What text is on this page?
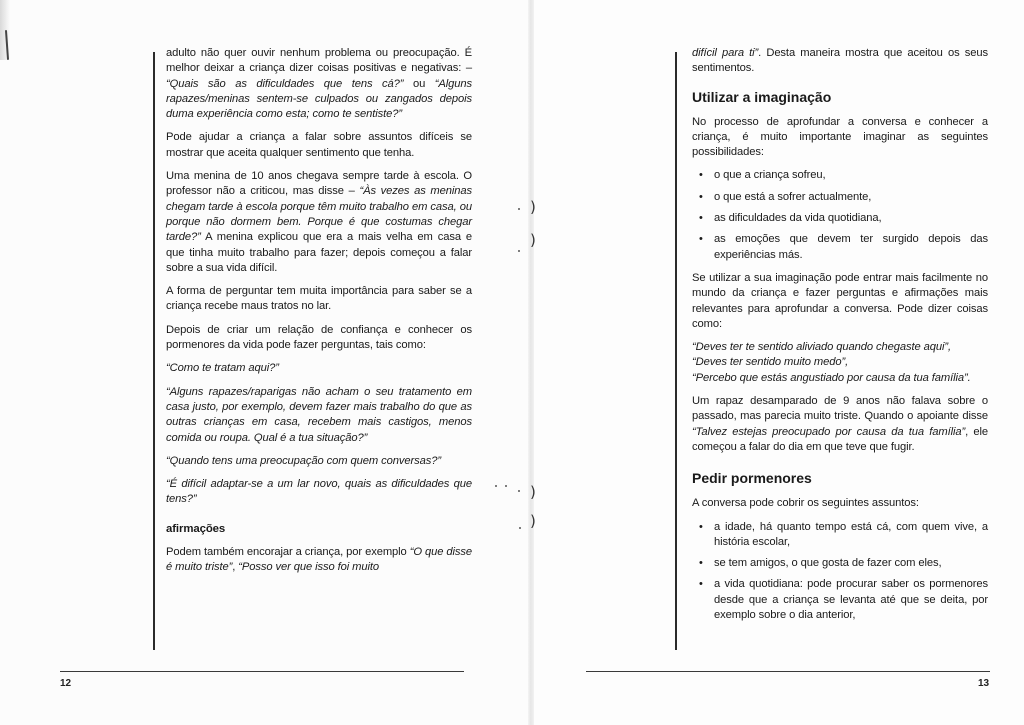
)
)
)
)
12	13

adulto não quer ouvir nenhum problema ou preocupação. É melhor deixar a criança dizer coisas positivas e negativas: – “Quais são as dificuldades que tens cá?” ou “Alguns rapazes/meninas sentem-se culpados ou zangados depois duma experiência como esta; como te sentiste?”

Pode ajudar a criança a falar sobre assuntos difíceis se mostrar que aceita qualquer sentimento que tenha.

Uma menina de 10 anos chegava sempre tarde à escola. O professor não a criticou, mas disse – “Às vezes as meninas chegam tarde à escola porque têm muito trabalho em casa, ou porque não dormem bem. Porque é que costumas chegar tarde?” A menina explicou que era a mais velha em casa e que tinha muito trabalho para fazer; depois começou a falar sobre a sua vida difícil.

A forma de perguntar tem muita importância para saber se a criança recebe maus tratos no lar.

Depois de criar um relação de confiança e conhecer os pormenores da vida pode fazer perguntas, tais como:

“Como te tratam aqui?”

“Alguns rapazes/raparigas não acham o seu tratamento em casa justo, por exemplo, devem fazer mais trabalho do que as outras crianças em casa, recebem mais castigos, menos comida ou roupa. Qual é a tua situação?”

“Quando tens uma preocupação com quem conversas?”

“É difícil adaptar-se a um lar novo, quais as dificuldades que tens?”

afirmações

Podem também encorajar a criança, por exemplo “O que disse é muito triste”, “Posso ver que isso foi muito

difícil para ti”. Desta maneira mostra que aceitou os seus sentimentos.

Utilizar a imaginação

No processo de aprofundar a conversa e conhecer a criança, é muito importante imaginar as seguintes possibilidades:

• o que a criança sofreu,
• o que está a sofrer actualmente,
• as dificuldades da vida quotidiana,
• as emoções que devem ter surgido depois das experiências más.

Se utilizar a sua imaginação pode entrar mais facilmente no mundo da criança e fazer perguntas e afirmações mais relevantes para aprofundar a conversa. Pode dizer coisas como:

“Deves ter te sentido aliviado quando chegaste aqui”,

“Deves ter sentido muito medo”,

“Percebo que estás angustiado por causa da tua família”.

Um rapaz desamparado de 9 anos não falava sobre o passado, mas parecia muito triste. Quando o apoiante disse “Talvez estejas preocupado por causa da tua família”, ele começou a falar do dia em que teve que fugir.

Pedir pormenores

A conversa pode cobrir os seguintes assuntos:

• a idade, há quanto tempo está cá, com quem vive, a história escolar,
• se tem amigos, o que gosta de fazer com eles,
• a vida quotidiana: pode procurar saber os pormenores desde que a criança se levanta até que se deita, por exemplo sobre o dia anterior,
